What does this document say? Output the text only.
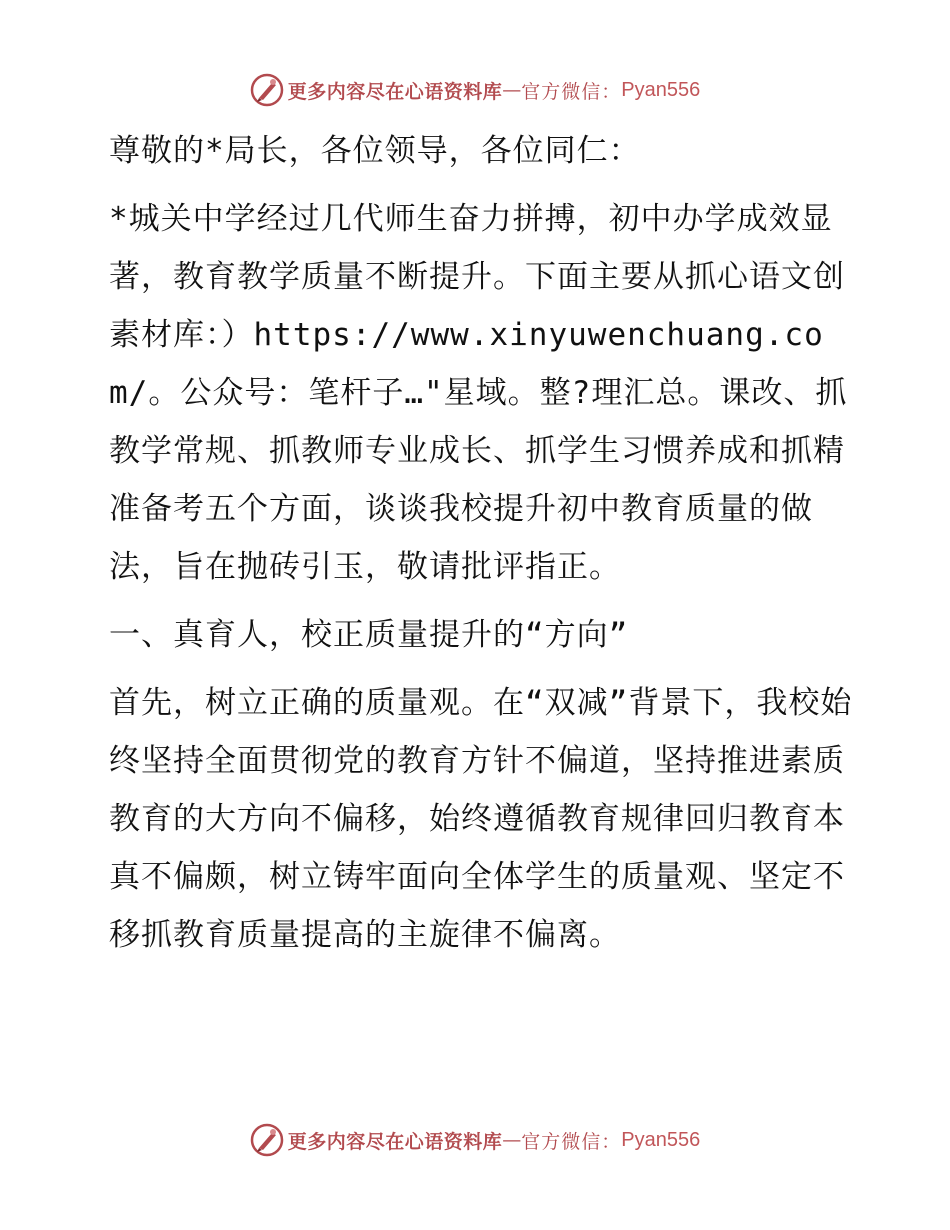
更多内容尽在心语资料库 — 官方微信： Pyan556

尊敬的*局长，各位领导，各位同仁：

*城关中学经过几代师生奋力拼搏，初中办学成效显著，教育教学质量不断提升。下面主要从抓心语文创素材库：）https://www.xinyuwenchuang.com/。公众号：笔杆子…"星域。整?理汇总。课改、抓教学常规、抓教师专业成长、抓学生习惯养成和抓精准备考五个方面，谈谈我校提升初中教育质量的做法，旨在抛砖引玉，敬请批评指正。

一、真育人，校正质量提升的“方向”

首先，树立正确的质量观。在“双减”背景下，我校始终坚持全面贯彻党的教育方针不偏道，坚持推进素质教育的大方向不偏移，始终遵循教育规律回归教育本真不偏颇，树立铸牢面向全体学生的质量观、坚定不移抓教育质量提高的主旋律不偏离。

更多内容尽在心语资料库 — 官方微信： Pyan556
